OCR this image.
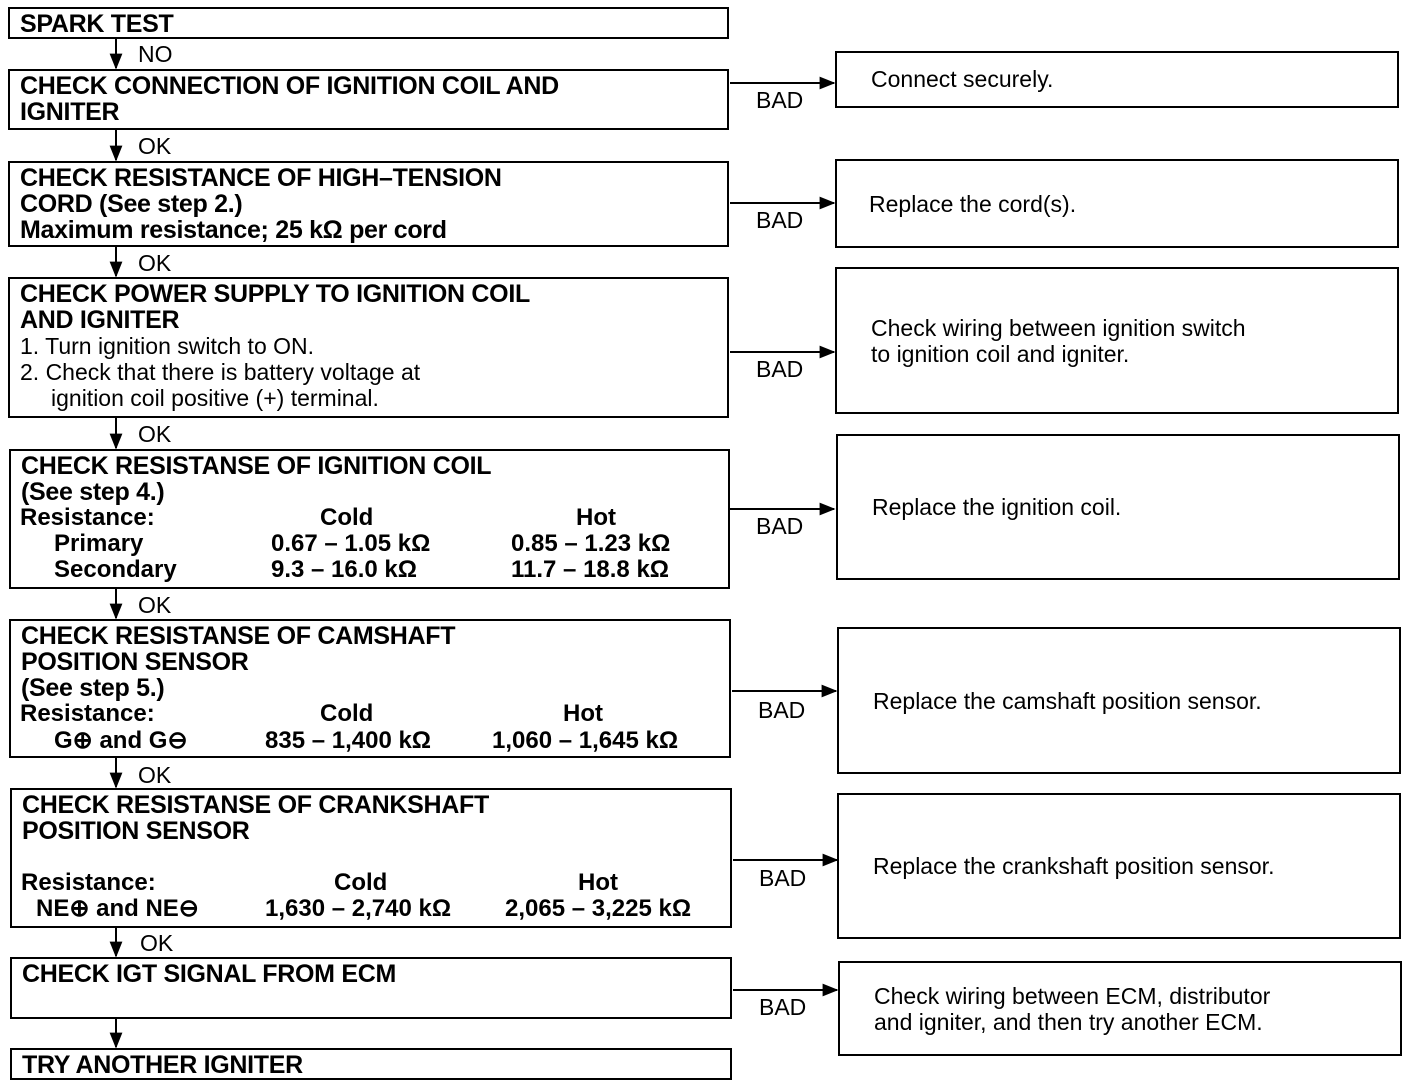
SPARK TEST
NO
CHECK CONNECTION OF IGNITION COIL AND
IGNITER
OK
BAD
Connect securely.
CHECK RESISTANCE OF HIGH–TENSION
CORD (See step 2.)
Maximum resistance; 25 kΩ per cord
OK
BAD
Replace the cord(s).
CHECK POWER SUPPLY TO IGNITION COIL
AND IGNITER
1. Turn ignition switch to ON.
2. Check that there is battery voltage at
ignition coil positive (+) terminal.
OK
BAD
Check wiring between ignition switch
to ignition coil and igniter.
CHECK RESISTANSE OF IGNITION COIL
(See step 4.)
Resistance:	Cold	Hot
Primary	0.67 – 1.05 kΩ	0.85 – 1.23 kΩ
Secondary	9.3 – 16.0 kΩ	11.7 – 18.8 kΩ
OK
BAD
Replace the ignition coil.
CHECK RESISTANSE OF CAMSHAFT
POSITION SENSOR
(See step 5.)
Resistance:	Cold	Hot
G⊕ and G⊖	835 – 1,400 kΩ	1,060 – 1,645 kΩ
OK
BAD	Replace the camshaft position sensor.
CHECK RESISTANSE OF CRANKSHAFT
POSITION SENSOR
Resistance:	Cold	Hot
NE⊕ and NE⊖	1,630 – 2,740 kΩ 2,065 – 3,225 kΩ
OK
BAD	Replace the crankshaft position sensor.
CHECK IGT SIGNAL FROM ECM
BAD	Check wiring between ECM, distributor
and igniter, and then try another ECM.
TRY ANOTHER IGNITER
